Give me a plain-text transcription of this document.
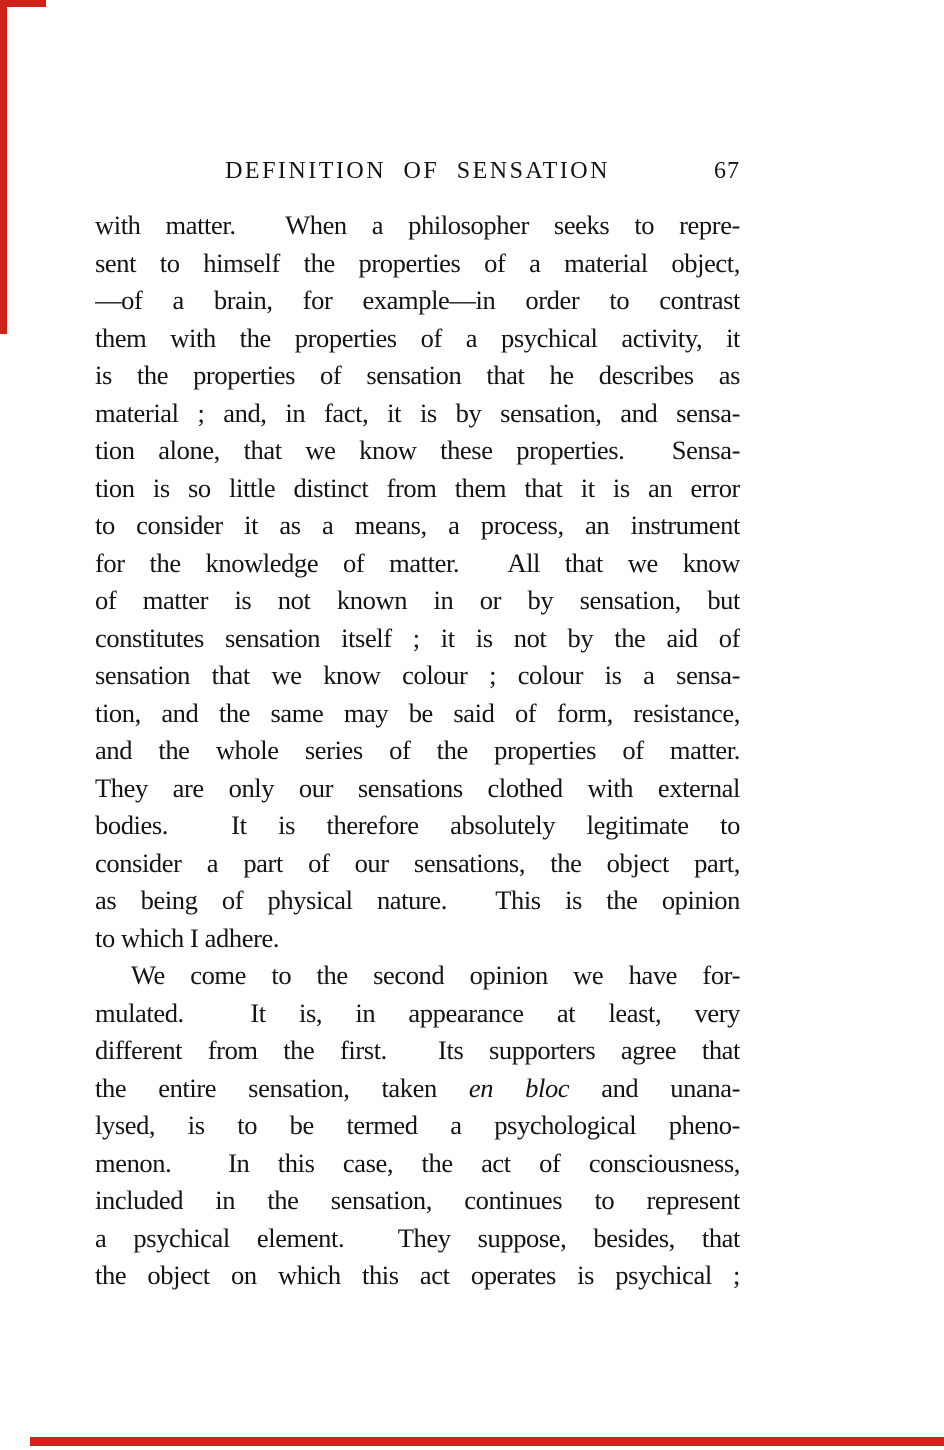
DEFINITION OF SENSATION	67
with matter.  When a philosopher seeks to repre-
sent to himself the properties of a material object,
—of a brain, for example—in order to contrast
them with the properties of a psychical activity, it
is the properties of sensation that he describes as
material ; and, in fact, it is by sensation, and sensa-
tion alone, that we know these properties.  Sensa-
tion is so little distinct from them that it is an error
to consider it as a means, a process, an instrument
for the knowledge of matter.  All that we know
of matter is not known in or by sensation, but
constitutes sensation itself ; it is not by the aid of
sensation that we know colour ; colour is a sensa-
tion, and the same may be said of form, resistance,
and the whole series of the properties of matter.
They are only our sensations clothed with external
bodies.  It is therefore absolutely legitimate to
consider a part of our sensations, the object part,
as being of physical nature.  This is the opinion
to which I adhere.
We come to the second opinion we have for-
mulated.  It is, in appearance at least, very
different from the first.  Its supporters agree that
the entire sensation, taken en bloc and unana-
lysed, is to be termed a psychological pheno-
menon.  In this case, the act of consciousness,
included in the sensation, continues to represent
a psychical element.  They suppose, besides, that
the object on which this act operates is psychical ;
